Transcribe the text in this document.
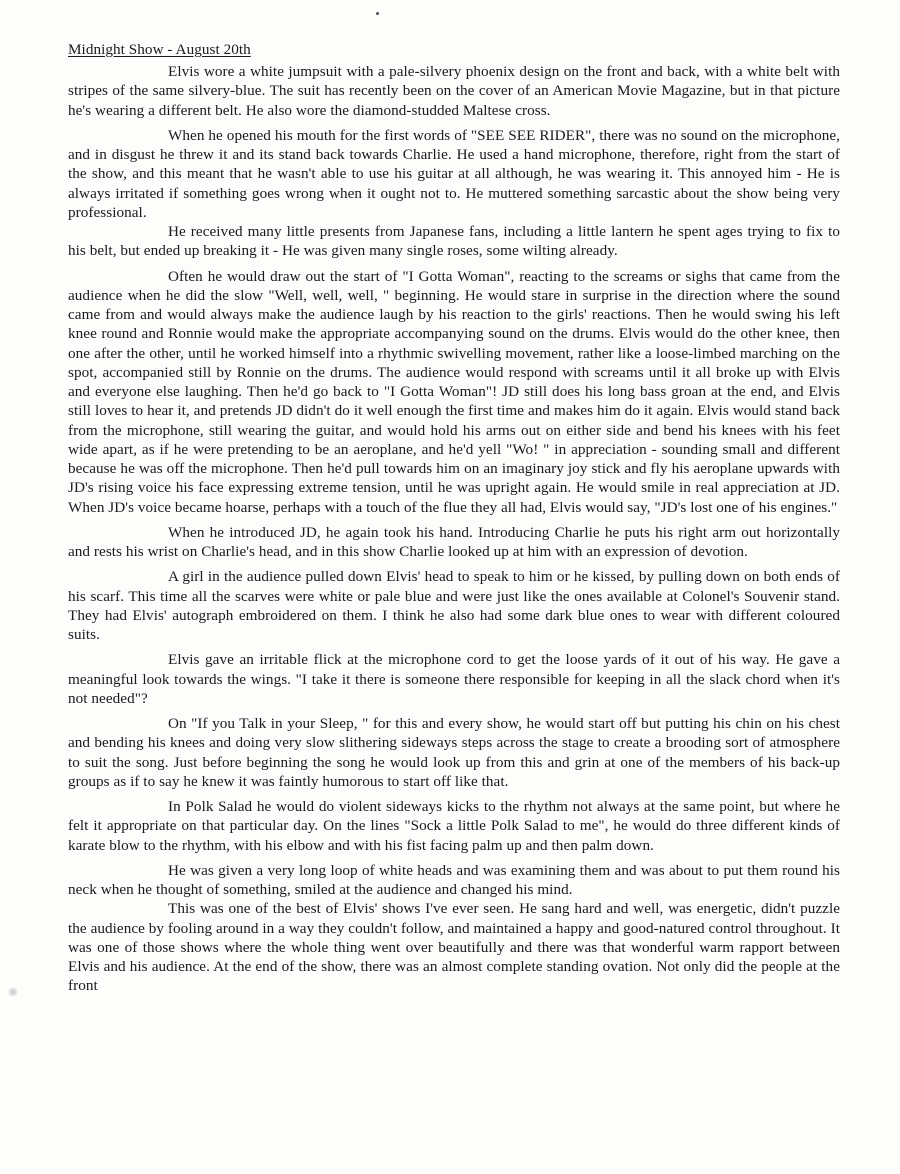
Midnight Show - August 20th

Elvis wore a white jumpsuit with a pale-silvery phoenix design on the front and back, with a white belt with stripes of the same silvery-blue. The suit has recently been on the cover of an American Movie Magazine, but in that picture he's wearing a different belt. He also wore the diamond-studded Maltese cross.

When he opened his mouth for the first words of "SEE SEE RIDER", there was no sound on the microphone, and in disgust he threw it and its stand back towards Charlie. He used a hand microphone, therefore, right from the start of the show, and this meant that he wasn't able to use his guitar at all although, he was wearing it. This annoyed him - He is always irritated if something goes wrong when it ought not to. He muttered something sarcastic about the show being very professional.

He received many little presents from Japanese fans, including a little lantern he spent ages trying to fix to his belt, but ended up breaking it - He was given many single roses, some wilting already.

Often he would draw out the start of "I Gotta Woman", reacting to the screams or sighs that came from the audience when he did the slow "Well, well, well, " beginning. He would stare in surprise in the direction where the sound came from and would always make the audience laugh by his reaction to the girls' reactions. Then he would swing his left knee round and Ronnie would make the appropriate accompanying sound on the drums. Elvis would do the other knee, then one after the other, until he worked himself into a rhythmic swivelling movement, rather like a loose-limbed marching on the spot, accompanied still by Ronnie on the drums. The audience would respond with screams until it all broke up with Elvis and everyone else laughing. Then he'd go back to "I Gotta Woman"! JD still does his long bass groan at the end, and Elvis still loves to hear it, and pretends JD didn't do it well enough the first time and makes him do it again. Elvis would stand back from the microphone, still wearing the guitar, and would hold his arms out on either side and bend his knees with his feet wide apart, as if he were pretending to be an aeroplane, and he'd yell "Wo! " in appreciation - sounding small and different because he was off the microphone. Then he'd pull towards him on an imaginary joy stick and fly his aeroplane upwards with JD's rising voice his face expressing extreme tension, until he was upright again. He would smile in real appreciation at JD. When JD's voice became hoarse, perhaps with a touch of the flue they all had, Elvis would say, "JD's lost one of his engines."

When he introduced JD, he again took his hand. Introducing Charlie he puts his right arm out horizontally and rests his wrist on Charlie's head, and in this show Charlie looked up at him with an expression of devotion.

A girl in the audience pulled down Elvis' head to speak to him or he kissed, by pulling down on both ends of his scarf. This time all the scarves were white or pale blue and were just like the ones available at Colonel's Souvenir stand. They had Elvis' autograph embroidered on them. I think he also had some dark blue ones to wear with different coloured suits.

Elvis gave an irritable flick at the microphone cord to get the loose yards of it out of his way. He gave a meaningful look towards the wings. "I take it there is someone there responsible for keeping in all the slack chord when it's not needed"?

On "If you Talk in your Sleep, " for this and every show, he would start off but putting his chin on his chest and bending his knees and doing very slow slithering sideways steps across the stage to create a brooding sort of atmosphere to suit the song. Just before beginning the song he would look up from this and grin at one of the members of his back-up groups as if to say he knew it was faintly humorous to start off like that.

In Polk Salad he would do violent sideways kicks to the rhythm not always at the same point, but where he felt it appropriate on that particular day. On the lines "Sock a little Polk Salad to me", he would do three different kinds of karate blow to the rhythm, with his elbow and with his fist facing palm up and then palm down.

He was given a very long loop of white heads and was examining them and was about to put them round his neck when he thought of something, smiled at the audience and changed his mind.

This was one of the best of Elvis' shows I've ever seen. He sang hard and well, was energetic, didn't puzzle the audience by fooling around in a way they couldn't follow, and maintained a happy and good-natured control throughout. It was one of those shows where the whole thing went over beautifully and there was that wonderful warm rapport between Elvis and his audience. At the end of the show, there was an almost complete standing ovation. Not only did the people at the front
